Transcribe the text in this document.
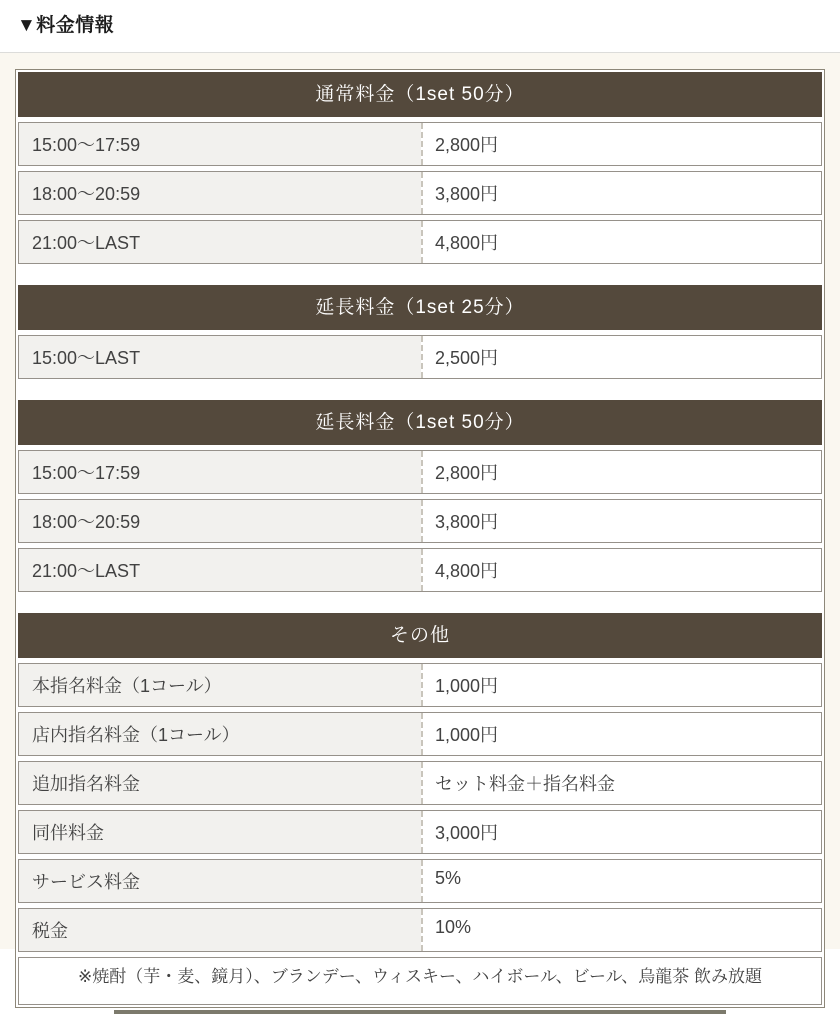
▼料金情報
通常料金（1set 50分）
15:00〜17:59	2,800円
18:00〜20:59	3,800円
21:00〜LAST	4,800円
延長料金（1set 25分）
15:00〜LAST	2,500円
延長料金（1set 50分）
15:00〜17:59	2,800円
18:00〜20:59	3,800円
21:00〜LAST	4,800円
その他
本指名料金（1コール）	1,000円
店内指名料金（1コール）	1,000円
追加指名料金	セット料金＋指名料金
同伴料金	3,000円
サービス料金	5%
税金	10%
※焼酎（芋・麦、鏡月）、ブランデー、ウィスキー、ハイボール、ビール、烏龍茶 飲み放題
